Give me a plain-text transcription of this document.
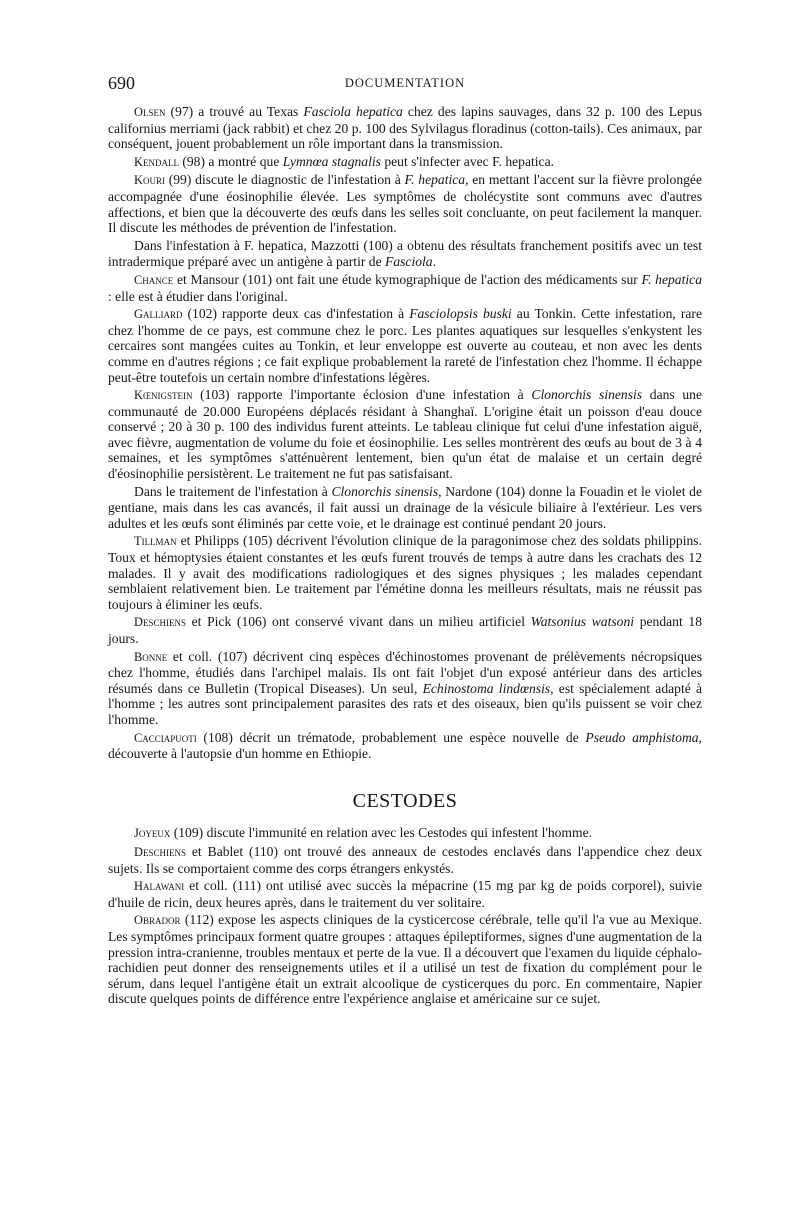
690	DOCUMENTATION

Olsen (97) a trouvé au Texas Fasciola hepatica chez des lapins sauvages, dans 32 p. 100 des Lepus californius merriami (jack rabbit) et chez 20 p. 100 des Sylvilagus floradinus (cotton-tails). Ces animaux, par conséquent, jouent probablement un rôle important dans la transmission.

Kendall (98) a montré que Lymnœa stagnalis peut s'infecter avec F. hepatica.

Kouri (99) discute le diagnostic de l'infestation à F. hepatica, en mettant l'accent sur la fièvre prolongée accompagnée d'une éosinophilie élevée. Les symptômes de cholécystite sont communs avec d'autres affections, et bien que la découverte des œufs dans les selles soit concluante, on peut facilement la manquer. Il discute les méthodes de prévention de l'infestation.

Dans l'infestation à F. hepatica, Mazzotti (100) a obtenu des résultats franchement positifs avec un test intradermique préparé avec un antigène à partir de Fasciola.

Chance et Mansour (101) ont fait une étude kymographique de l'action des médicaments sur F. hepatica : elle est à étudier dans l'original.

Galliard (102) rapporte deux cas d'infestation à Fasciolopsis buski au Tonkin. Cette infestation, rare chez l'homme de ce pays, est commune chez le porc. Les plantes aquatiques sur lesquelles s'enkystent les cercaires sont mangées cuites au Tonkin, et leur enveloppe est ouverte au couteau, et non avec les dents comme en d'autres régions ; ce fait explique probablement la rareté de l'infestation chez l'homme. Il échappe peut-être toutefois un certain nombre d'infestations légères.

Kœnigstein (103) rapporte l'importante éclosion d'une infestation à Clonorchis sinensis dans une communauté de 20.000 Européens déplacés résidant à Shanghaï. L'origine était un poisson d'eau douce conservé ; 20 à 30 p. 100 des individus furent atteints. Le tableau clinique fut celui d'une infestation aiguë, avec fièvre, augmentation de volume du foie et éosinophilie. Les selles montrèrent des œufs au bout de 3 à 4 semaines, et les symptômes s'atténuèrent lentement, bien qu'un état de malaise et un certain degré d'éosinophilie persistèrent. Le traitement ne fut pas satisfaisant.

Dans le traitement de l'infestation à Clonorchis sinensis, Nardone (104) donne la Fouadin et le violet de gentiane, mais dans les cas avancés, il fait aussi un drainage de la vésicule biliaire à l'extérieur. Les vers adultes et les œufs sont éliminés par cette voie, et le drainage est continué pendant 20 jours.

Tillman et Philipps (105) décrivent l'évolution clinique de la paragonimose chez des soldats philippins. Toux et hémoptysies étaient constantes et les œufs furent trouvés de temps à autre dans les crachats des 12 malades. Il y avait des modifications radiologiques et des signes physiques ; les malades cependant semblaient relativement bien. Le traitement par l'émétine donna les meilleurs résultats, mais ne réussit pas toujours à éliminer les œufs.

Deschiens et Pick (106) ont conservé vivant dans un milieu artificiel Watsonius watsoni pendant 18 jours.

Bonne et coll. (107) décrivent cinq espèces d'échinostomes provenant de prélèvements nécropsiques chez l'homme, étudiés dans l'archipel malais. Ils ont fait l'objet d'un exposé antérieur dans des articles résumés dans ce Bulletin (Tropical Diseases). Un seul, Echinostoma lindœnsis, est spécialement adapté à l'homme ; les autres sont principalement parasites des rats et des oiseaux, bien qu'ils puissent se voir chez l'homme.

Cacciapuoti (108) décrit un trématode, probablement une espèce nouvelle de Pseudo amphistoma, découverte à l'autopsie d'un homme en Ethiopie.

CESTODES

Joyeux (109) discute l'immunité en relation avec les Cestodes qui infestent l'homme.

Deschiens et Bablet (110) ont trouvé des anneaux de cestodes enclavés dans l'appendice chez deux sujets. Ils se comportaient comme des corps étrangers enkystés.

Halawani et coll. (111) ont utilisé avec succès la mépacrine (15 mg par kg de poids corporel), suivie d'huile de ricin, deux heures après, dans le traitement du ver solitaire.

Obrador (112) expose les aspects cliniques de la cysticercose cérébrale, telle qu'il l'a vue au Mexique. Les symptômes principaux forment quatre groupes : attaques épileptiformes, signes d'une augmentation de la pression intra-cranienne, troubles mentaux et perte de la vue. Il a découvert que l'examen du liquide céphalo-rachidien peut donner des renseignements utiles et il a utilisé un test de fixation du complément pour le sérum, dans lequel l'antigène était un extrait alcoolique de cysticerques du porc. En commentaire, Napier discute quelques points de différence entre l'expérience anglaise et américaine sur ce sujet.
